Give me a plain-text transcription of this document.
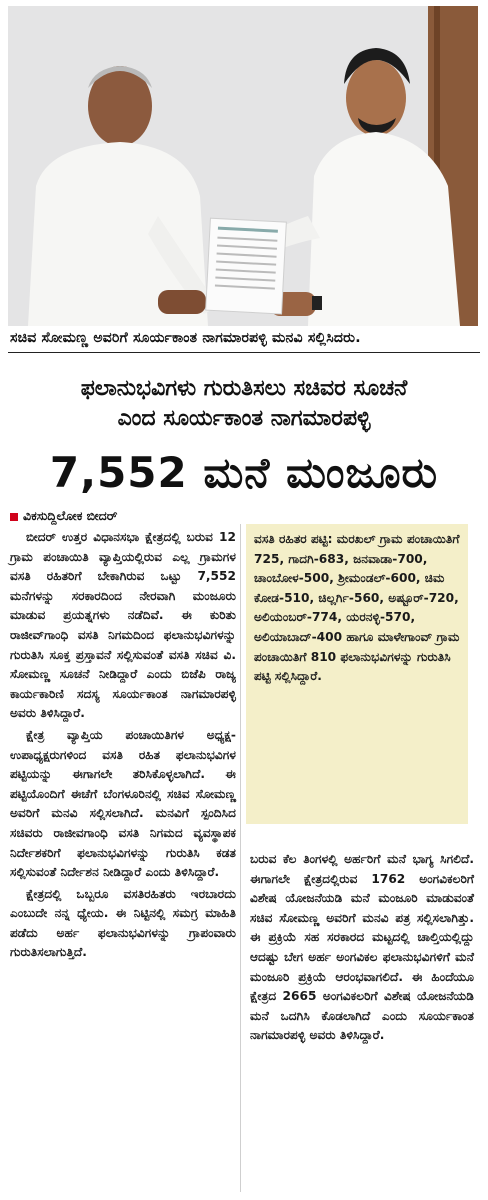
ಸಚಿವ ಸೋಮಣ್ಣ ಅವರಿಗೆ ಸೂರ್ಯಕಾಂತ ನಾಗಮಾರಪಳ್ಳಿ ಮನವಿ ಸಲ್ಲಿಸಿದರು.
ಫಲಾನುಭವಿಗಳು ಗುರುತಿಸಲು ಸಚಿವರ ಸೂಚನೆ
ಎಂದ ಸೂರ್ಯಕಾಂತ ನಾಗಮಾರಪಳ್ಳಿ
7,552 ಮನೆ ಮಂಜೂರು
ವಿಕಸುದ್ದಿಲೋಕ ಬೀದರ್

ಬೀದರ್ ಉತ್ತರ ವಿಧಾನಸಭಾ ಕ್ಷೇತ್ರದಲ್ಲಿ ಬರುವ 12 ಗ್ರಾಮ ಪಂಚಾಯಿತಿ ವ್ಯಾಪ್ತಿಯಲ್ಲಿರುವ ಎಲ್ಲ ಗ್ರಾಮಗಳ ವಸತಿ ರಹಿತರಿಗೆ ಬೇಕಾಗಿರುವ ಒಟ್ಟು 7,552 ಮನೆಗಳನ್ನು ಸರಕಾರದಿಂದ ನೇರವಾಗಿ ಮಂಜೂರು ಮಾಡುವ ಪ್ರಯತ್ನಗಳು ನಡೆದಿವೆ. ಈ ಕುರಿತು ರಾಜೀವ್‌ಗಾಂಧಿ ವಸತಿ ನಿಗಮದಿಂದ ಫಲಾನುಭವಿಗಳನ್ನು ಗುರುತಿಸಿ ಸೂಕ್ತ ಪ್ರಸ್ತಾವನೆ ಸಲ್ಲಿಸುವಂತೆ ವಸತಿ ಸಚಿವ ವಿ. ಸೋಮಣ್ಣ ಸೂಚನೆ ನೀಡಿದ್ದಾರೆ ಎಂದು ಬಿಜೆಪಿ ರಾಜ್ಯ ಕಾರ್ಯಕಾರಿಣಿ ಸದಸ್ಯ ಸೂರ್ಯಕಾಂತ ನಾಗಮಾರಪಳ್ಳಿ ಅವರು ತಿಳಿಸಿದ್ದಾರೆ.

ಕ್ಷೇತ್ರ ವ್ಯಾಪ್ತಿಯ ಪಂಚಾಯಿತಿಗಳ ಅಧ್ಯಕ್ಷ-ಉಪಾಧ್ಯಕ್ಷರುಗಳಿಂದ ವಸತಿ ರಹಿತ ಫಲಾನುಭವಿಗಳ ಪಟ್ಟಿಯನ್ನು ಈಗಾಗಲೇ ತರಿಸಿಕೊಳ್ಳಲಾಗಿದೆ. ಈ ಪಟ್ಟಿಯೊಂದಿಗೆ ಈಚೆಗೆ ಬೆಂಗಳೂರಿನಲ್ಲಿ ಸಚಿವ ಸೋಮಣ್ಣ ಅವರಿಗೆ ಮನವಿ ಸಲ್ಲಿಸಲಾಗಿದೆ. ಮನವಿಗೆ ಸ್ಪಂದಿಸಿದ ಸಚಿವರು ರಾಜೀವಗಾಂಧಿ ವಸತಿ ನಿಗಮದ ವ್ಯವಸ್ಥಾಪಕ ನಿರ್ದೇಶಕರಿಗೆ ಫಲಾನುಭವಿಗಳನ್ನು ಗುರುತಿಸಿ ಕಡತ ಸಲ್ಲಿಸುವಂತೆ ನಿರ್ದೇಶನ ನೀಡಿದ್ದಾರೆ ಎಂದು ತಿಳಿಸಿದ್ದಾರೆ.

ಕ್ಷೇತ್ರದಲ್ಲಿ ಒಬ್ಬರೂ ವಸತಿರಹಿತರು ಇರಬಾರದು ಎಂಬುದೇ ನನ್ನ ಧ್ಯೇಯ. ಈ ನಿಟ್ಟಿನಲ್ಲಿ ಸಮಗ್ರ ಮಾಹಿತಿ ಪಡೆದು ಅರ್ಹ ಫಲಾನುಭವಿಗಳನ್ನು ಗ್ರಾಪಂವಾರು ಗುರುತಿಸಲಾಗುತ್ತಿದೆ.

ವಸತಿ ರಹಿತರ ಪಟ್ಟಿ: ಮರಖಲ್ ಗ್ರಾಮ ಪಂಚಾಯಿತಿಗೆ 725, ಗಾದಗಿ-683, ಜನವಾಡಾ-700, ಚಾಂಬೋಳ-500, ಶ್ರೀಮಂಡಲ್-600, ಚಿಮ ಕೋಡ-510, ಚಿಲ್ಲರ್ಗಿ-560, ಅಷ್ಟೂರ್-720, ಅಲಿಯಂಬರ್-774, ಯರನಳ್ಳಿ-570, ಅಲಿಯಾಬಾದ್-400 ಹಾಗೂ ಮಾಳೇಗಾಂವ್ ಗ್ರಾಮ ಪಂಚಾಯಿತಿಗೆ 810 ಫಲಾನುಭವಿಗಳನ್ನು ಗುರುತಿಸಿ ಪಟ್ಟಿ ಸಲ್ಲಿಸಿದ್ದಾರೆ.

ಬರುವ ಕೆಲ ತಿಂಗಳಲ್ಲಿ ಅರ್ಹರಿಗೆ ಮನೆ ಭಾಗ್ಯ ಸಿಗಲಿದೆ. ಈಗಾಗಲೇ ಕ್ಷೇತ್ರದಲ್ಲಿರುವ 1762 ಅಂಗವಿಕಲರಿಗೆ ವಿಶೇಷ ಯೋಜನೆಯಡಿ ಮನೆ ಮಂಜೂರಿ ಮಾಡುವಂತೆ ಸಚಿವ ಸೋಮಣ್ಣ ಅವರಿಗೆ ಮನವಿ ಪತ್ರ ಸಲ್ಲಿಸಲಾಗಿತ್ತು. ಈ ಪ್ರಕ್ರಿಯೆ ಸಹ ಸರಕಾರದ ಮಟ್ಟದಲ್ಲಿ ಚಾಲ್ತಿಯಲ್ಲಿದ್ದು ಆದಷ್ಟು ಬೇಗ ಅರ್ಹ ಅಂಗವಿಕಲ ಫಲಾನುಭವಿಗಳಿಗೆ ಮನೆ ಮಂಜೂರಿ ಪ್ರಕ್ರಿಯೆ ಆರಂಭವಾಗಲಿದೆ. ಈ ಹಿಂದೆಯೂ ಕ್ಷೇತ್ರದ 2665 ಅಂಗವಿಕಲರಿಗೆ ವಿಶೇಷ ಯೋಜನೆಯಡಿ ಮನೆ ಒದಗಿಸಿ ಕೊಡಲಾಗಿದೆ ಎಂದು ಸೂರ್ಯಕಾಂತ ನಾಗಮಾರಪಳ್ಳಿ ಅವರು ತಿಳಿಸಿದ್ದಾರೆ.
